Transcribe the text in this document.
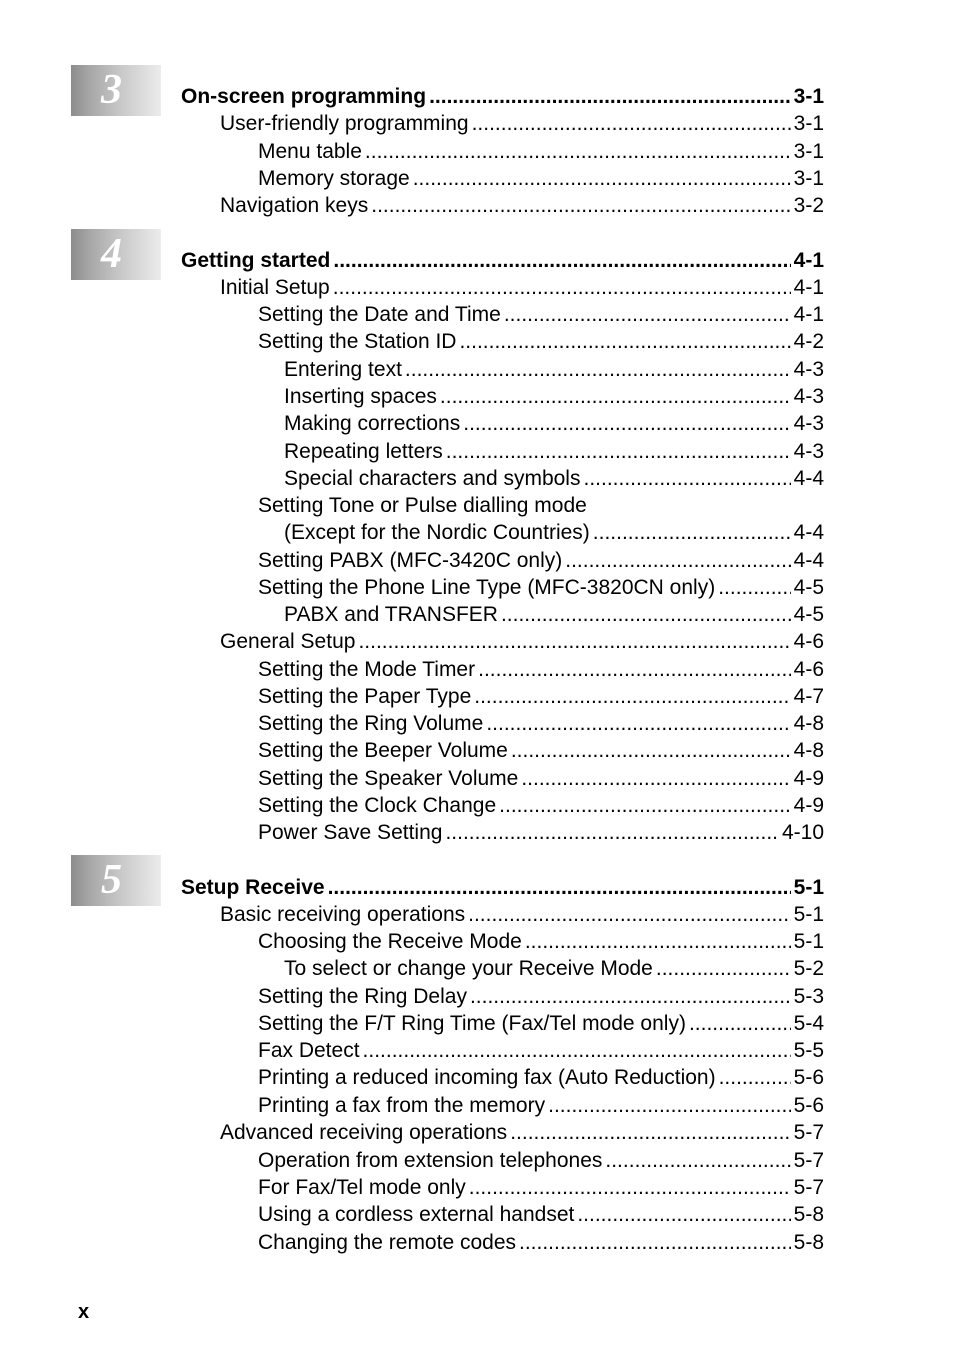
3
4
5
On-screen programming .....	3-1
User-friendly programming .....	3-1
Menu table .....	3-1
Memory storage .....	3-1
Navigation keys .....	3-2
Getting started .....	4-1
Initial Setup .....	4-1
Setting the Date and Time .....	4-1
Setting the Station ID .....	4-2
Entering text .....	4-3
Inserting spaces .....	4-3
Making corrections .....	4-3
Repeating letters .....	4-3
Special characters and symbols .....	4-4
Setting Tone or Pulse dialling mode
(Except for the Nordic Countries) .....	4-4
Setting PABX (MFC-3420C only) .....	4-4
Setting the Phone Line Type (MFC-3820CN only) .....	4-5
PABX and TRANSFER .....	4-5
General Setup .....	4-6
Setting the Mode Timer .....	4-6
Setting the Paper Type .....	4-7
Setting the Ring Volume .....	4-8
Setting the Beeper Volume .....	4-8
Setting the Speaker Volume .....	4-9
Setting the Clock Change .....	4-9
Power Save Setting .....	4-10
Setup Receive .....	5-1
Basic receiving operations .....	5-1
Choosing the Receive Mode .....	5-1
To select or change your Receive Mode .....	5-2
Setting the Ring Delay .....	5-3
Setting the F/T Ring Time (Fax/Tel mode only) .....	5-4
Fax Detect .....	5-5
Printing a reduced incoming fax (Auto Reduction) .....	5-6
Printing a fax from the memory .....	5-6
Advanced receiving operations .....	5-7
Operation from extension telephones .....	5-7
For Fax/Tel mode only .....	5-7
Using a cordless external handset .....	5-8
Changing the remote codes .....	5-8
x
